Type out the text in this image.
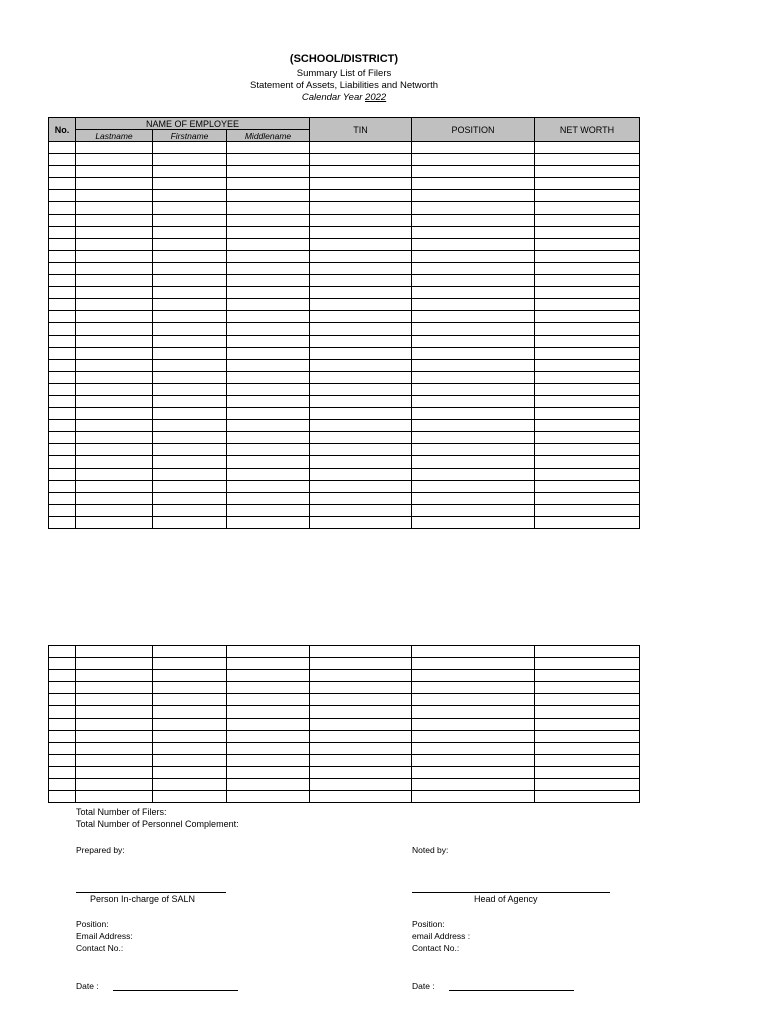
(SCHOOL/DISTRICT)
Summary List of Filers
Statement of Assets, Liabilities and Networth
Calendar Year 2022
No.	NAME OF EMPLOYEE			TIN	POSITION	NET WORTH
	Lastname	Firstname	Middlename			

Total Number of Filers:
Total Number of Personnel Complement:
Prepared by:
Person In-charge of SALN
Position:
Email Address:
Contact No.:
Date :
Noted by:
Head of Agency
Position:
email Address :
Contact No.:
Date :
